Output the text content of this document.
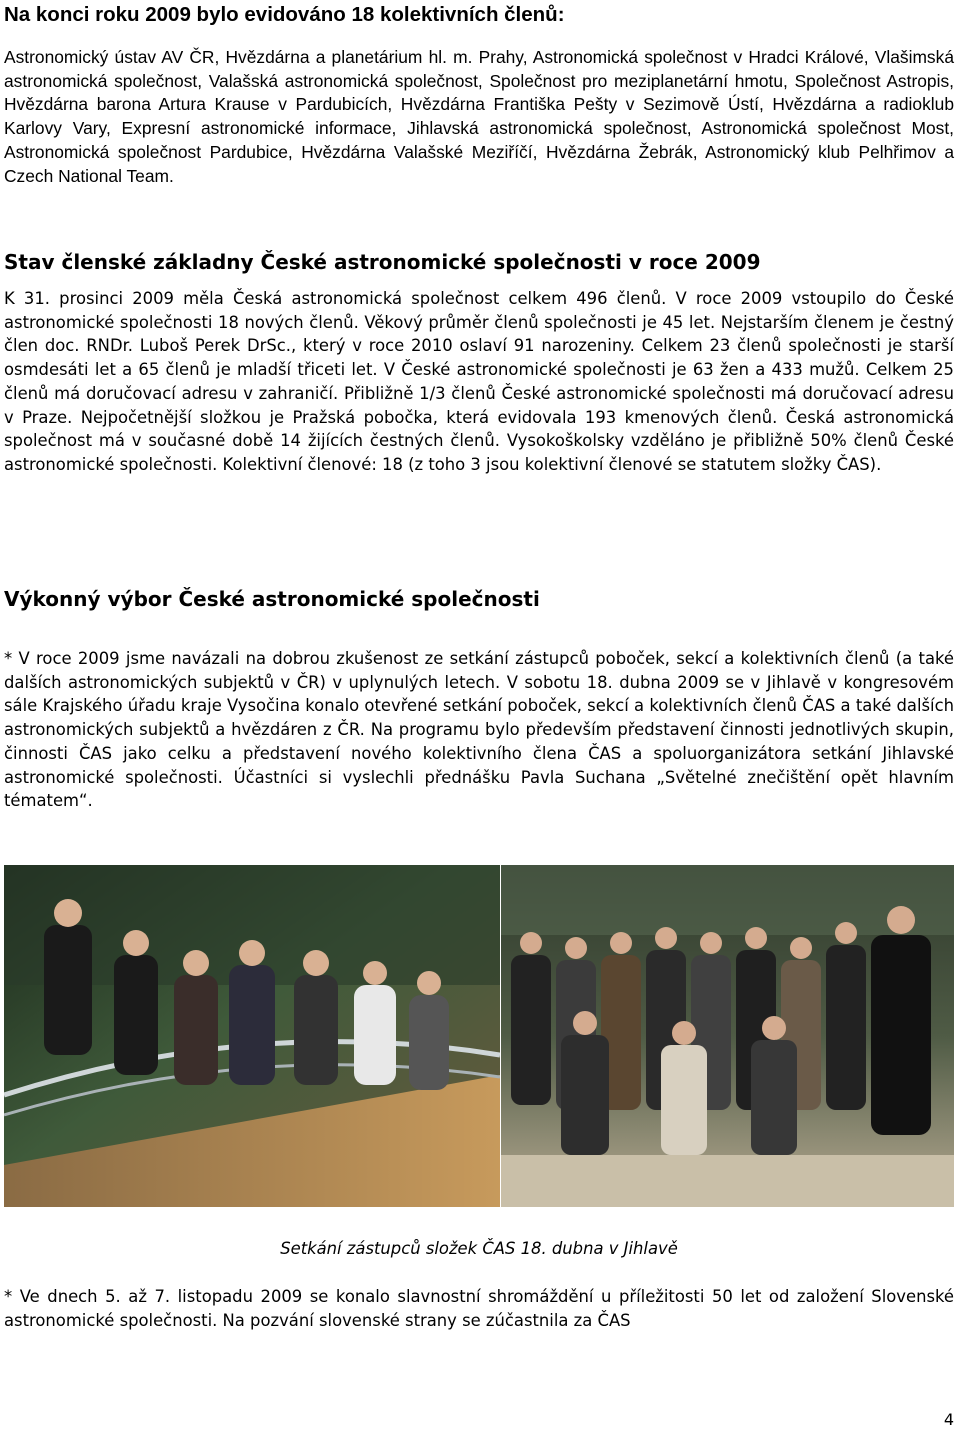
Na konci roku 2009 bylo evidováno 18 kolektivních členů:

Astronomický ústav AV ČR, Hvězdárna a planetárium hl. m. Prahy, Astronomická společnost v Hradci Králové, Vlašimská astronomická společnost, Valašská astronomická společnost, Společnost pro meziplanetární hmotu, Společnost Astropis, Hvězdárna barona Artura Krause v Pardubicích, Hvězdárna Františka Pešty v Sezimově Ústí, Hvězdárna a radioklub Karlovy Vary, Expresní astronomické informace, Jihlavská astronomická společnost, Astronomická společnost Most, Astronomická společnost Pardubice, Hvězdárna Valašské Meziříčí, Hvězdárna Žebrák, Astronomický klub Pelhřimov a Czech National Team.

Stav členské základny České astronomické společnosti v roce 2009

K 31. prosinci 2009 měla Česká astronomická společnost celkem 496 členů. V roce 2009 vstoupilo do České astronomické společnosti 18 nových členů. Věkový průměr členů společnosti je 45 let. Nejstarším členem je čestný člen doc. RNDr. Luboš Perek DrSc., který v roce 2010 oslaví 91 narozeniny. Celkem 23 členů společnosti je starší osmdesáti let a 65 členů je mladší třiceti let. V České astronomické společnosti je 63 žen a 433 mužů. Celkem 25 členů má doručovací adresu v zahraničí. Přibližně 1/3 členů České astronomické společnosti má doručovací adresu v Praze. Nejpočetnější složkou je Pražská pobočka, která evidovala 193 kmenových členů. Česká astronomická společnost má v současné době 14 žijících čestných členů. Vysokoškolsky vzděláno je přibližně 50% členů České astronomické společnosti. Kolektivní členové: 18 (z toho 3 jsou kolektivní členové se statutem složky ČAS).

Výkonný výbor České astronomické společnosti

* V roce 2009 jsme navázali na dobrou zkušenost ze setkání zástupců poboček, sekcí a kolektivních členů (a také dalších astronomických subjektů v ČR) v uplynulých letech. V sobotu 18. dubna 2009 se v Jihlavě v kongresovém sále Krajského úřadu kraje Vysočina konalo otevřené setkání poboček, sekcí a kolektivních členů ČAS a také dalších astronomických subjektů a hvězdáren z ČR. Na programu bylo především představení činnosti jednotlivých skupin, činnosti ČAS jako celku a představení nového kolektivního člena ČAS a spoluorganizátora setkání Jihlavské astronomické společnosti. Účastníci si vyslechli přednášku Pavla Suchana „Světelné znečištění opět hlavním tématem“.

Setkání zástupců složek ČAS 18. dubna v Jihlavě

* Ve dnech 5. až 7. listopadu 2009 se konalo slavnostní shromáždění u příležitosti 50 let od založení Slovenské astronomické společnosti. Na pozvání slovenské strany se zúčastnila za ČAS

4
